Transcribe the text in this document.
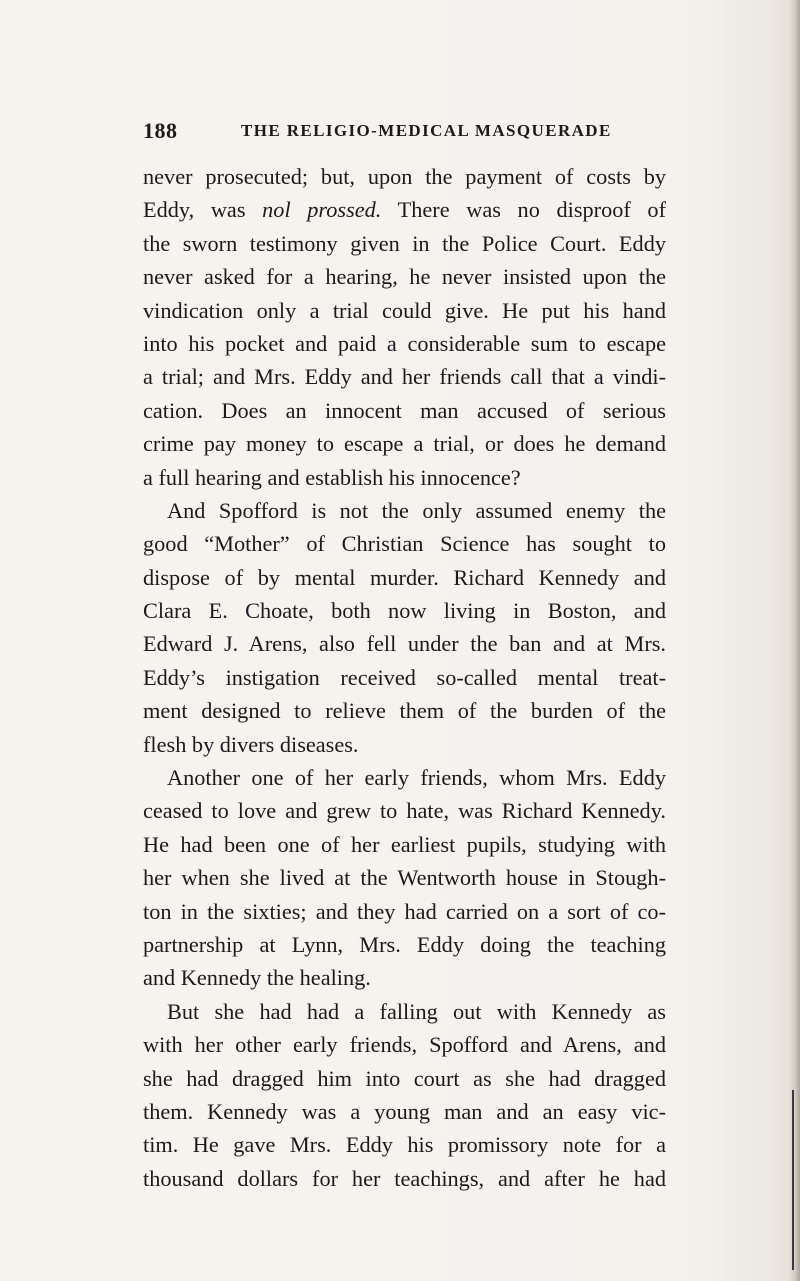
188	THE RELIGIO-MEDICAL MASQUERADE
never prosecuted; but, upon the payment of costs by
Eddy, was nol prossed. There was no disproof of
the sworn testimony given in the Police Court. Eddy
never asked for a hearing, he never insisted upon the
vindication only a trial could give. He put his hand
into his pocket and paid a considerable sum to escape
a trial; and Mrs. Eddy and her friends call that a vindi-
cation. Does an innocent man accused of serious
crime pay money to escape a trial, or does he demand
a full hearing and establish his innocence?
And Spofford is not the only assumed enemy the
good “Mother” of Christian Science has sought to
dispose of by mental murder. Richard Kennedy and
Clara E. Choate, both now living in Boston, and
Edward J. Arens, also fell under the ban and at Mrs.
Eddy’s instigation received so-called mental treat-
ment designed to relieve them of the burden of the
flesh by divers diseases.
Another one of her early friends, whom Mrs. Eddy
ceased to love and grew to hate, was Richard Kennedy.
He had been one of her earliest pupils, studying with
her when she lived at the Wentworth house in Stough-
ton in the sixties; and they had carried on a sort of co-
partnership at Lynn, Mrs. Eddy doing the teaching
and Kennedy the healing.
But she had had a falling out with Kennedy as
with her other early friends, Spofford and Arens, and
she had dragged him into court as she had dragged
them. Kennedy was a young man and an easy vic-
tim. He gave Mrs. Eddy his promissory note for a
thousand dollars for her teachings, and after he had
